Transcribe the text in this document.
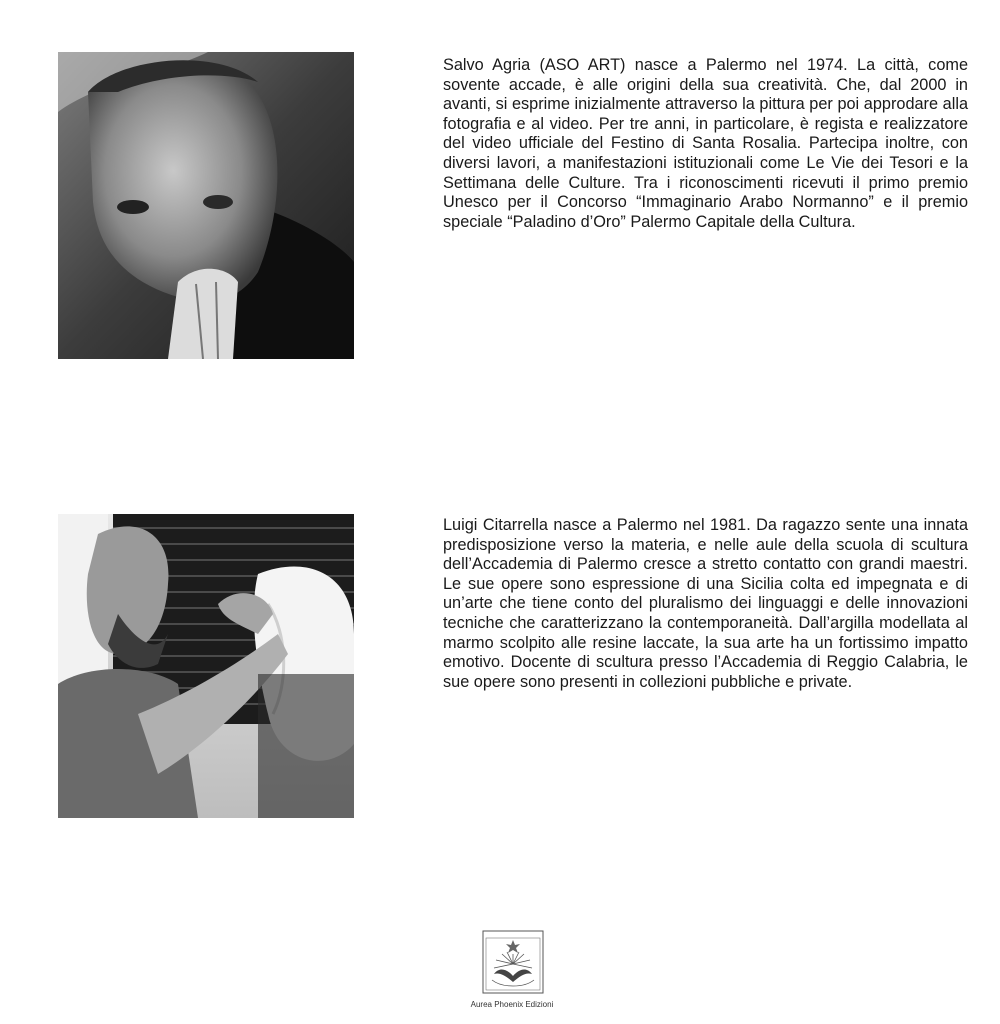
Salvo Agria (ASO ART) nasce a Palermo nel 1974. La città, come sovente accade, è alle origini della sua creatività. Che, dal 2000 in avanti, si esprime inizialmente attraverso la pittura per poi approdare alla fotografia e al video. Per tre anni, in particolare, è regista e realizzatore del video ufficiale del Festino di Santa Rosalia. Partecipa inoltre, con diversi lavori, a manifestazioni istituzionali come Le Vie dei Tesori e la Settimana delle Culture. Tra i riconoscimenti ricevuti il primo premio Unesco per il Concorso “Immaginario Arabo Normanno” e il premio speciale “Paladino d’Oro” Palermo Capitale della Cultura.

Luigi Citarrella nasce a Palermo nel 1981. Da ragazzo sente una innata predisposizione verso la materia, e nelle aule della scuola di scultura dell’Accademia di Palermo cresce a stretto contatto con grandi maestri. Le sue opere sono espressione di una Sicilia colta ed impegnata e di un’arte che tiene conto del pluralismo dei linguaggi e delle innovazioni tecniche che caratterizzano la contemporaneità. Dall’argilla modellata al marmo scolpito alle resine laccate, la sua arte ha un fortissimo impatto emotivo. Docente di scultura presso l’Accademia di Reggio Calabria, le sue opere sono presenti in collezioni pubbliche e private.

Aurea Phoenix Edizioni
